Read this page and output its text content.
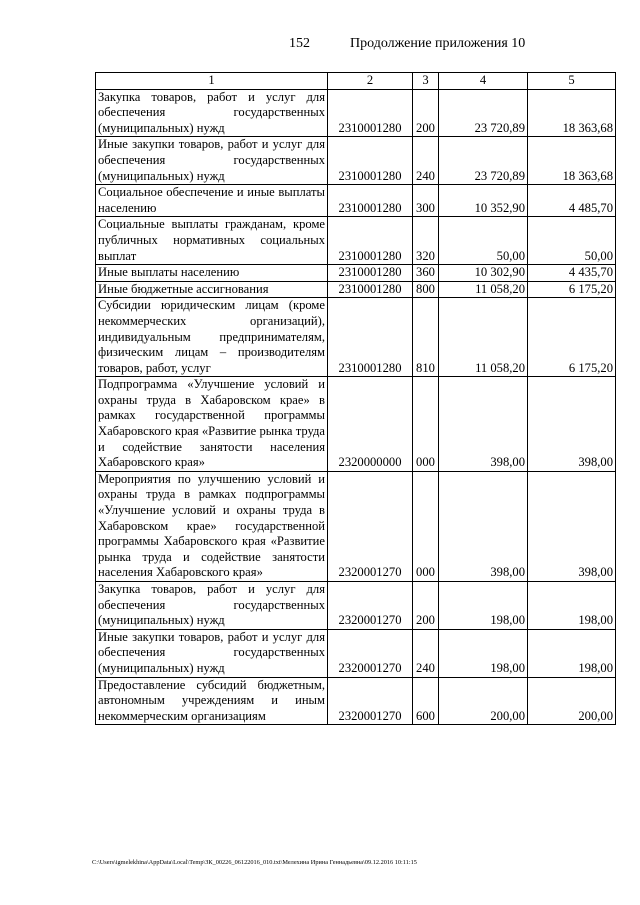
152	Продолжение приложения 10
1	2	3	4	5
Закупка товаров, работ и услуг для обеспечения государственных (муниципальных) нужд	2310001280	200	23 720,89	18 363,68
Иные закупки товаров, работ и услуг для обеспечения государственных (муниципальных) нужд	2310001280	240	23 720,89	18 363,68
Социальное обеспечение и иные выплаты населению	2310001280	300	10 352,90	4 485,70
Социальные выплаты гражданам, кроме публичных нормативных социальных выплат	2310001280	320	50,00	50,00
Иные выплаты населению	2310001280	360	10 302,90	4 435,70
Иные бюджетные ассигнования	2310001280	800	11 058,20	6 175,20
Субсидии юридическим лицам (кроме некоммерческих организаций), индивидуальным предпринимателям, физическим лицам – производителям товаров, работ, услуг	2310001280	810	11 058,20	6 175,20
Подпрограмма «Улучшение условий и охраны труда в Хабаровском крае» в рамках государственной программы Хабаровского края «Развитие рынка труда и содействие занятости населения Хабаровского края»	2320000000	000	398,00	398,00
Мероприятия по улучшению условий и охраны труда в рамках подпрограммы «Улучшение условий и охраны труда в Хабаровском крае» государственной программы Хабаровского края «Развитие рынка труда и содействие занятости населения Хабаровского края»	2320001270	000	398,00	398,00
Закупка товаров, работ и услуг для обеспечения государственных (муниципальных) нужд	2320001270	200	198,00	198,00
Иные закупки товаров, работ и услуг для обеспечения государственных (муниципальных) нужд	2320001270	240	198,00	198,00
Предоставление субсидий бюджетным, автономным учреждениям и иным некоммерческим организациям	2320001270	600	200,00	200,00
C:\Users\igmelekhina\AppData\Local\Temp\ЗК_00226_06122016_010.txt\Мелехина Ирина Геннадьевна\09.12.2016 10:11:15
